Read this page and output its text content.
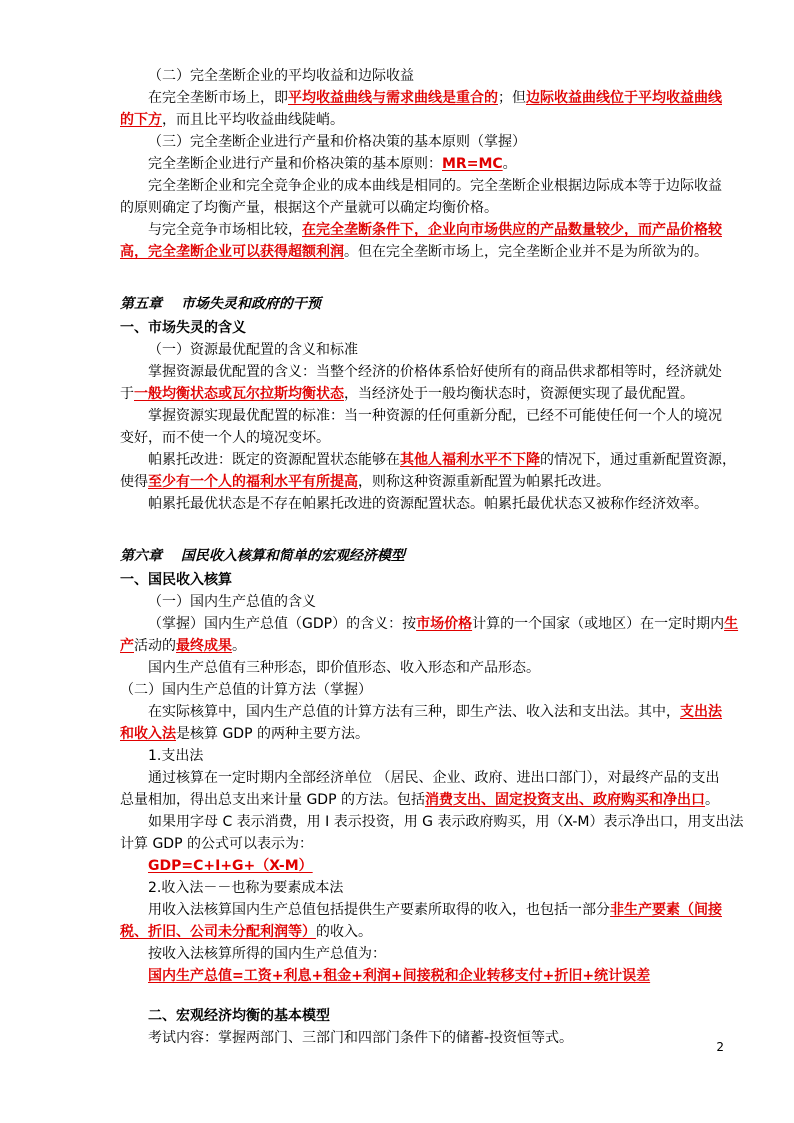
（二）完全垄断企业的平均收益和边际收益
在完全垄断市场上，即平均收益曲线与需求曲线是重合的；但边际收益曲线位于平均收益曲线
的下方，而且比平均收益曲线陡峭。
（三）完全垄断企业进行产量和价格决策的基本原则（掌握）
完全垄断企业进行产量和价格决策的基本原则：MR=MC。
完全垄断企业和完全竞争企业的成本曲线是相同的。完全垄断企业根据边际成本等于边际收益
的原则确定了均衡产量，根据这个产量就可以确定均衡价格。
与完全竞争市场相比较，在完全垄断条件下，企业向市场供应的产品数量较少，而产品价格较
高，完全垄断企业可以获得超额利润。但在完全垄断市场上，完全垄断企业并不是为所欲为的。
第五章　 市场失灵和政府的干预
一、市场失灵的含义
（一）资源最优配置的含义和标准
掌握资源最优配置的含义：当整个经济的价格体系恰好使所有的商品供求都相等时，经济就处
于一般均衡状态或瓦尔拉斯均衡状态，当经济处于一般均衡状态时，资源便实现了最优配置。
掌握资源实现最优配置的标准：当一种资源的任何重新分配，已经不可能使任何一个人的境况
变好，而不使一个人的境况变坏。
帕累托改进：既定的资源配置状态能够在其他人福利水平不下降的情况下，通过重新配置资源，
使得至少有一个人的福利水平有所提高，则称这种资源重新配置为帕累托改进。
帕累托最优状态是不存在帕累托改进的资源配置状态。帕累托最优状态又被称作经济效率。
第六章　 国民收入核算和简单的宏观经济模型
一、国民收入核算
（一）国内生产总值的含义
（掌握）国内生产总值（GDP）的含义：按市场价格计算的一个国家（或地区）在一定时期内生
产活动的最终成果。
国内生产总值有三种形态，即价值形态、收入形态和产品形态。
（二）国内生产总值的计算方法（掌握）
在实际核算中，国内生产总值的计算方法有三种，即生产法、收入法和支出法。其中，支出法
和收入法是核算 GDP 的两种主要方法。
1.支出法
通过核算在一定时期内全部经济单位 （居民、企业、政府、进出口部门），对最终产品的支出
总量相加，得出总支出来计量 GDP 的方法。包括消费支出、固定投资支出、政府购买和净出口。
如果用字母 C 表示消费，用 I 表示投资，用 G 表示政府购买，用（X-M）表示净出口，用支出法
计算 GDP 的公式可以表示为：
GDP=C+I+G+（X-M）
2.收入法－－也称为要素成本法
用收入法核算国内生产总值包括提供生产要素所取得的收入，也包括一部分非生产要素（间接
税、折旧、公司未分配利润等）的收入。
按收入法核算所得的国内生产总值为：
国内生产总值=工资+利息+租金+利润+间接税和企业转移支付+折旧+统计误差
二、宏观经济均衡的基本模型
考试内容：掌握两部门、三部门和四部门条件下的储蓄-投资恒等式。
2
